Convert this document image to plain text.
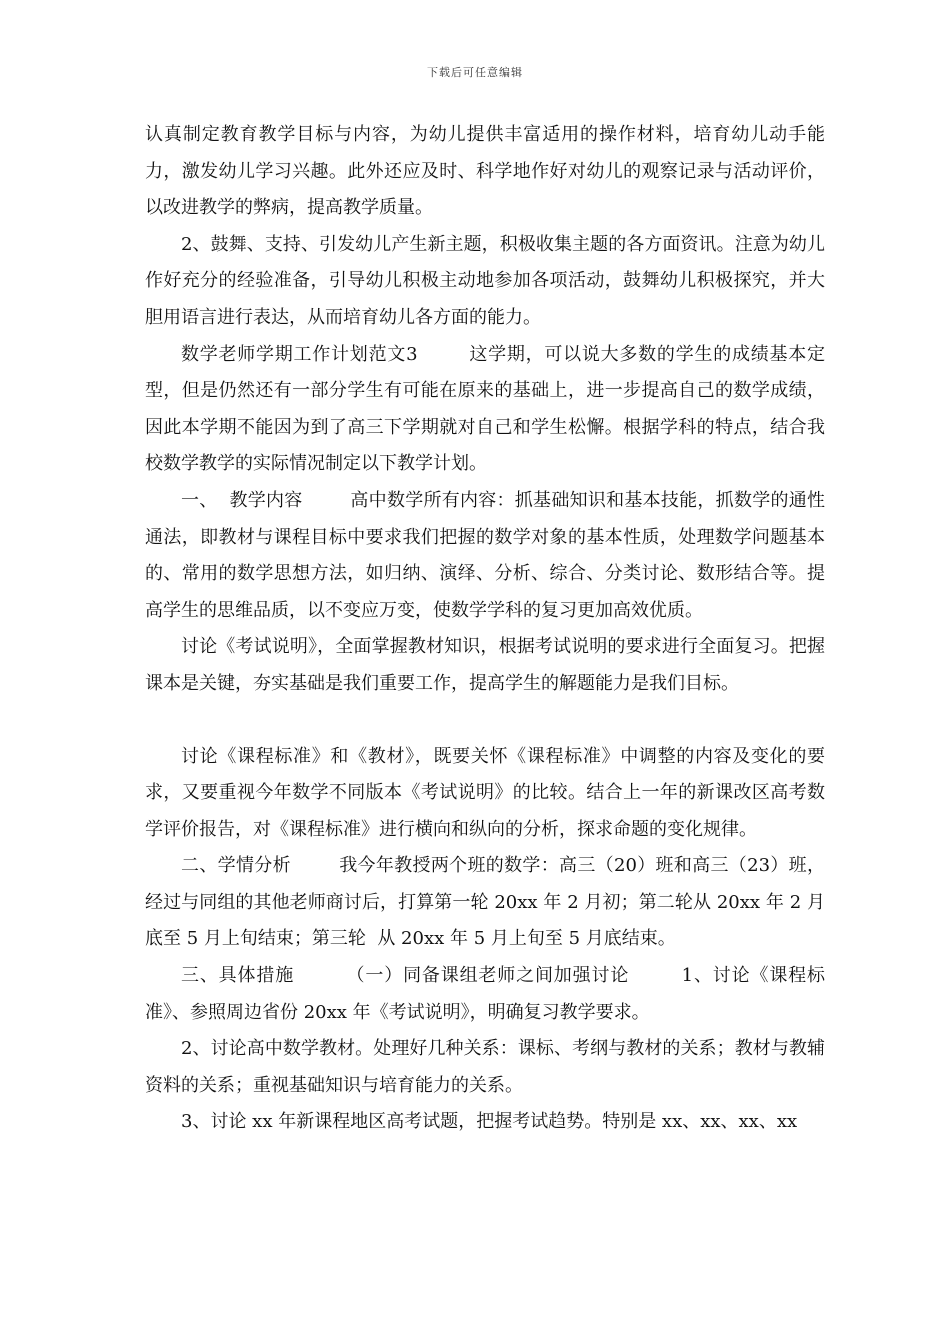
下载后可任意编辑

认真制定教育教学目标与内容，为幼儿提供丰富适用的操作材料，培育幼儿动手能力，激发幼儿学习兴趣。此外还应及时、科学地作好对幼儿的观察记录与活动评价，以改进教学的弊病，提高教学质量。

2、鼓舞、支持、引发幼儿产生新主题，积极收集主题的各方面资讯。注意为幼儿作好充分的经验准备，引导幼儿积极主动地参加各项活动，鼓舞幼儿积极探究，并大胆用语言进行表达，从而培育幼儿各方面的能力。

数学老师学期工作计划范文3        这学期，可以说大多数的学生的成绩基本定型，但是仍然还有一部分学生有可能在原来的基础上，进一步提高自己的数学成绩，因此本学期不能因为到了高三下学期就对自己和学生松懈。根据学科的特点，结合我校数学教学的实际情况制定以下教学计划。

一、  教学内容        高中数学所有内容：抓基础知识和基本技能，抓数学的通性通法，即教材与课程目标中要求我们把握的数学对象的基本性质，处理数学问题基本的、常用的数学思想方法，如归纳、演绎、分析、综合、分类讨论、数形结合等。提高学生的思维品质，以不变应万变，使数学学科的复习更加高效优质。

讨论《考试说明》，全面掌握教材知识，根据考试说明的要求进行全面复习。把握课本是关键，夯实基础是我们重要工作，提高学生的解题能力是我们目标。

讨论《课程标准》和《教材》，既要关怀《课程标准》中调整的内容及变化的要求，又要重视今年数学不同版本《考试说明》的比较。结合上一年的新课改区高考数学评价报告，对《课程标准》进行横向和纵向的分析，探求命题的变化规律。

二、学情分析        我今年教授两个班的数学：高三（20）班和高三（23）班，经过与同组的其他老师商讨后，打算第一轮 20xx 年 2 月初；第二轮从 20xx 年 2 月底至 5 月上旬结束；第三轮  从 20xx 年 5 月上旬至 5 月底结束。

三、具体措施        （一）同备课组老师之间加强讨论        1、讨论《课程标准》、参照周边省份 20xx 年《考试说明》，明确复习教学要求。

2、讨论高中数学教材。处理好几种关系：课标、考纲与教材的关系；教材与教辅资料的关系；重视基础知识与培育能力的关系。

3、讨论 xx 年新课程地区高考试题，把握考试趋势。特别是 xx、xx、xx、xx
